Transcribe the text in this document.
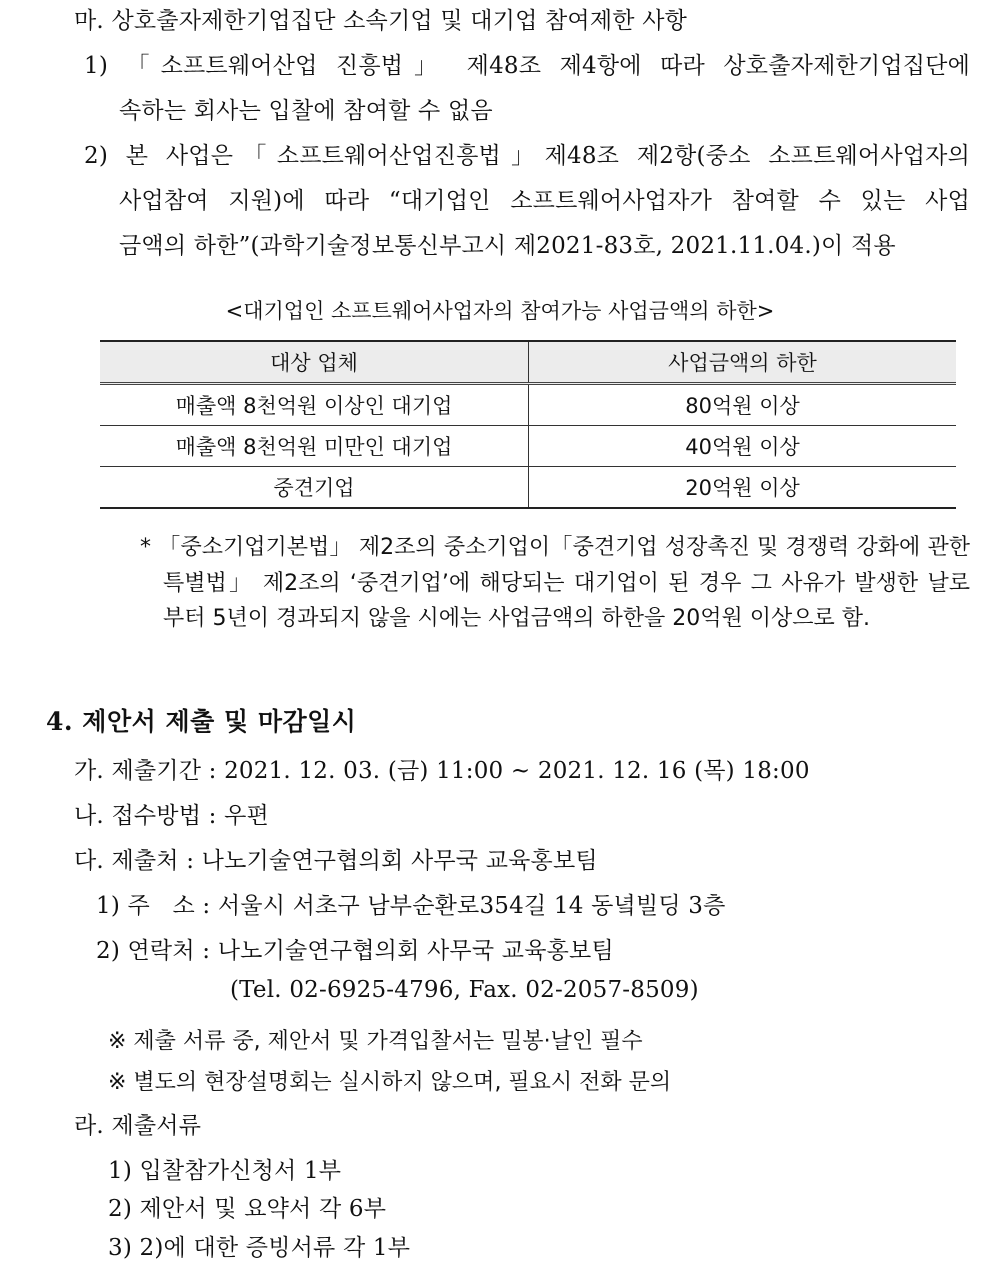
마. 상호출자제한기업집단 소속기업 및 대기업 참여제한 사항
1) 「소프트웨어산업 진흥법」 제48조 제4항에 따라 상호출자제한기업집단에
속하는 회사는 입찰에 참여할 수 없음
2) 본 사업은「소프트웨어산업진흥법」제48조 제2항(중소 소프트웨어사업자의
사업참여 지원)에 따라 “대기업인 소프트웨어사업자가 참여할 수 있는 사업
금액의 하한”(과학기술정보통신부고시 제2021-83호, 2021.11.04.)이 적용
<대기업인 소프트웨어사업자의 참여가능 사업금액의 하한>
대상 업체	사업금액의 하한
매출액 8천억원 이상인 대기업	80억원 이상
매출액 8천억원 미만인 대기업	40억원 이상
중견기업	20억원 이상
* 「중소기업기본법」 제2조의 중소기업이「중견기업 성장촉진 및 경쟁력 강화에 관한
특별법」 제2조의 ‘중견기업’에 해당되는 대기업이 된 경우 그 사유가 발생한 날로
부터 5년이 경과되지 않을 시에는 사업금액의 하한을 20억원 이상으로 함.
4. 제안서 제출 및 마감일시
가. 제출기간 : 2021. 12. 03. (금) 11:00 ~ 2021. 12. 16 (목) 18:00
나. 접수방법 : 우편
다. 제출처 : 나노기술연구협의회 사무국 교육홍보팀
1) 주   소 : 서울시 서초구 남부순환로354길 14 동녘빌딩 3층
2) 연락처 : 나노기술연구협의회 사무국 교육홍보팀
(Tel. 02-6925-4796, Fax. 02-2057-8509)
※ 제출 서류 중, 제안서 및 가격입찰서는 밀봉·날인 필수
※ 별도의 현장설명회는 실시하지 않으며, 필요시 전화 문의
라. 제출서류
1) 입찰참가신청서 1부
2) 제안서 및 요약서 각 6부
3) 2)에 대한 증빙서류 각 1부
